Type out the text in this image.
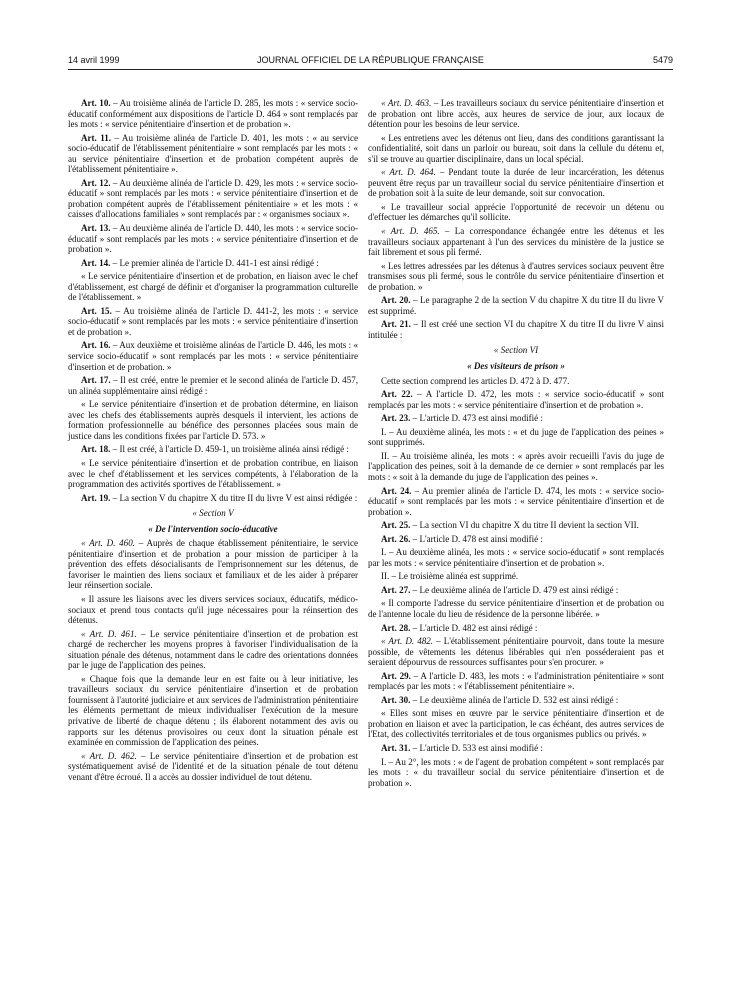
14 avril 1999	JOURNAL OFFICIEL DE LA RÉPUBLIQUE FRANÇAISE	5479

Art. 10. – Au troisième alinéa de l'article D. 285, les mots : « service socio-éducatif conformément aux dispositions de l'article D. 464 » sont remplacés par les mots : « service pénitentiaire d'insertion et de probation ».

Art. 11. – Au troisième alinéa de l'article D. 401, les mots : « au service socio-éducatif de l'établissement pénitentiaire » sont remplacés par les mots : « au service pénitentiaire d'insertion et de probation compétent auprès de l'établissement pénitentiaire ».

Art. 12. – Au deuxième alinéa de l'article D. 429, les mots : « service socio-éducatif » sont remplacés par les mots : « service pénitentiaire d'insertion et de probation compétent auprès de l'établissement pénitentiaire » et les mots : « caisses d'allocations familiales » sont remplacés par : « organismes sociaux ».

Art. 13. – Au deuxième alinéa de l'article D. 440, les mots : « service socio-éducatif » sont remplacés par les mots : « service pénitentiaire d'insertion et de probation ».

Art. 14. – Le premier alinéa de l'article D. 441-1 est ainsi rédigé :

« Le service pénitentiaire d'insertion et de probation, en liaison avec le chef d'établissement, est chargé de définir et d'organiser la programmation culturelle de l'établissement. »

Art. 15. – Au troisième alinéa de l'article D. 441-2, les mots : « service socio-éducatif » sont remplacés par les mots : « service pénitentiaire d'insertion et de probation ».

Art. 16. – Aux deuxième et troisième alinéas de l'article D. 446, les mots : « service socio-éducatif » sont remplacés par les mots : « service pénitentiaire d'insertion et de probation. »

Art. 17. – Il est créé, entre le premier et le second alinéa de l'article D. 457, un alinéa supplémentaire ainsi rédigé :

« Le service pénitentiaire d'insertion et de probation détermine, en liaison avec les chefs des établissements auprès desquels il intervient, les actions de formation professionnelle au bénéfice des personnes placées sous main de justice dans les conditions fixées par l'article D. 573. »

Art. 18. – Il est créé, à l'article D. 459-1, un troisième alinéa ainsi rédigé :

« Le service pénitentiaire d'insertion et de probation contribue, en liaison avec le chef d'établissement et les services compétents, à l'élaboration de la programmation des activités sportives de l'établissement. »

Art. 19. – La section V du chapitre X du titre II du livre V est ainsi rédigée :

« Section V

« De l'intervention socio-éducative

« Art. D. 460. – Auprès de chaque établissement pénitentiaire, le service pénitentiaire d'insertion et de probation a pour mission de participer à la prévention des effets désocialisants de l'emprisonnement sur les détenus, de favoriser le maintien des liens sociaux et familiaux et de les aider à préparer leur réinsertion sociale.

« Il assure les liaisons avec les divers services sociaux, éducatifs, médico-sociaux et prend tous contacts qu'il juge nécessaires pour la réinsertion des détenus.

« Art. D. 461. – Le service pénitentiaire d'insertion et de probation est chargé de rechercher les moyens propres à favoriser l'individualisation de la situation pénale des détenus, notamment dans le cadre des orientations données par le juge de l'application des peines.

« Chaque fois que la demande leur en est faite ou à leur initiative, les travailleurs sociaux du service pénitentiaire d'insertion et de probation fournissent à l'autorité judiciaire et aux services de l'administration pénitentiaire les éléments permettant de mieux individualiser l'exécution de la mesure privative de liberté de chaque détenu ; ils élaborent notamment des avis ou rapports sur les détenus provisoires ou ceux dont la situation pénale est examinée en commission de l'application des peines.

« Art. D. 462. – Le service pénitentiaire d'insertion et de probation est systématiquement avisé de l'identité et de la situation pénale de tout détenu venant d'être écroué. Il a accès au dossier individuel de tout détenu.

« Art. D. 463. – Les travailleurs sociaux du service pénitentiaire d'insertion et de probation ont libre accès, aux heures de service de jour, aux locaux de détention pour les besoins de leur service.

« Les entretiens avec les détenus ont lieu, dans des conditions garantissant la confidentialité, soit dans un parloir ou bureau, soit dans la cellule du détenu et, s'il se trouve au quartier disciplinaire, dans un local spécial.

« Art. D. 464. – Pendant toute la durée de leur incarcération, les détenus peuvent être reçus par un travailleur social du service pénitentiaire d'insertion et de probation soit à la suite de leur demande, soit sur convocation.

« Le travailleur social apprécie l'opportunité de recevoir un détenu ou d'effectuer les démarches qu'il sollicite.

« Art. D. 465. – La correspondance échangée entre les détenus et les travailleurs sociaux appartenant à l'un des services du ministère de la justice se fait librement et sous pli fermé.

« Les lettres adressées par les détenus à d'autres services sociaux peuvent être transmises sous pli fermé, sous le contrôle du service pénitentiaire d'insertion et de probation. »

Art. 20. – Le paragraphe 2 de la section V du chapitre X du titre II du livre V est supprimé.

Art. 21. – Il est créé une section VI du chapitre X du titre II du livre V ainsi intitulée :

« Section VI

« Des visiteurs de prison »

Cette section comprend les articles D. 472 à D. 477.

Art. 22. – A l'article D. 472, les mots : « service socio-éducatif » sont remplacés par les mots : « service pénitentiaire d'insertion et de probation ».

Art. 23. – L'article D. 473 est ainsi modifié :

I. – Au deuxième alinéa, les mots : « et du juge de l'application des peines » sont supprimés.

II. – Au troisième alinéa, les mots : « après avoir recueilli l'avis du juge de l'application des peines, soit à la demande de ce dernier » sont remplacés par les mots : « soit à la demande du juge de l'application des peines ».

Art. 24. – Au premier alinéa de l'article D. 474, les mots : « service socio-éducatif » sont remplacés par les mots : « service pénitentiaire d'insertion et de probation ».

Art. 25. – La section VI du chapitre X du titre II devient la section VII.

Art. 26. – L'article D. 478 est ainsi modifié :

I. – Au deuxième alinéa, les mots : « service socio-éducatif » sont remplacés par les mots : « service pénitentiaire d'insertion et de probation ».

II. – Le troisième alinéa est supprimé.

Art. 27. – Le deuxième alinéa de l'article D. 479 est ainsi rédigé :

« Il comporte l'adresse du service pénitentiaire d'insertion et de probation ou de l'antenne locale du lieu de résidence de la personne libérée. »

Art. 28. – L'article D. 482 est ainsi rédigé :

« Art. D. 482. – L'établissement pénitentiaire pourvoit, dans toute la mesure possible, de vêtements les détenus libérables qui n'en posséderaient pas et seraient dépourvus de ressources suffisantes pour s'en procurer. »

Art. 29. – A l'article D. 483, les mots : « l'administration pénitentiaire » sont remplacés par les mots : « l'établissement pénitentiaire ».

Art. 30. – Le deuxième alinéa de l'article D. 532 est ainsi rédigé :

« Elles sont mises en œuvre par le service pénitentiaire d'insertion et de probation en liaison et avec la participation, le cas échéant, des autres services de l'Etat, des collectivités territoriales et de tous organismes publics ou privés. »

Art. 31. – L'article D. 533 est ainsi modifié :

I. – Au 2°, les mots : « de l'agent de probation compétent » sont remplacés par les mots : « du travailleur social du service pénitentiaire d'insertion et de probation ».
